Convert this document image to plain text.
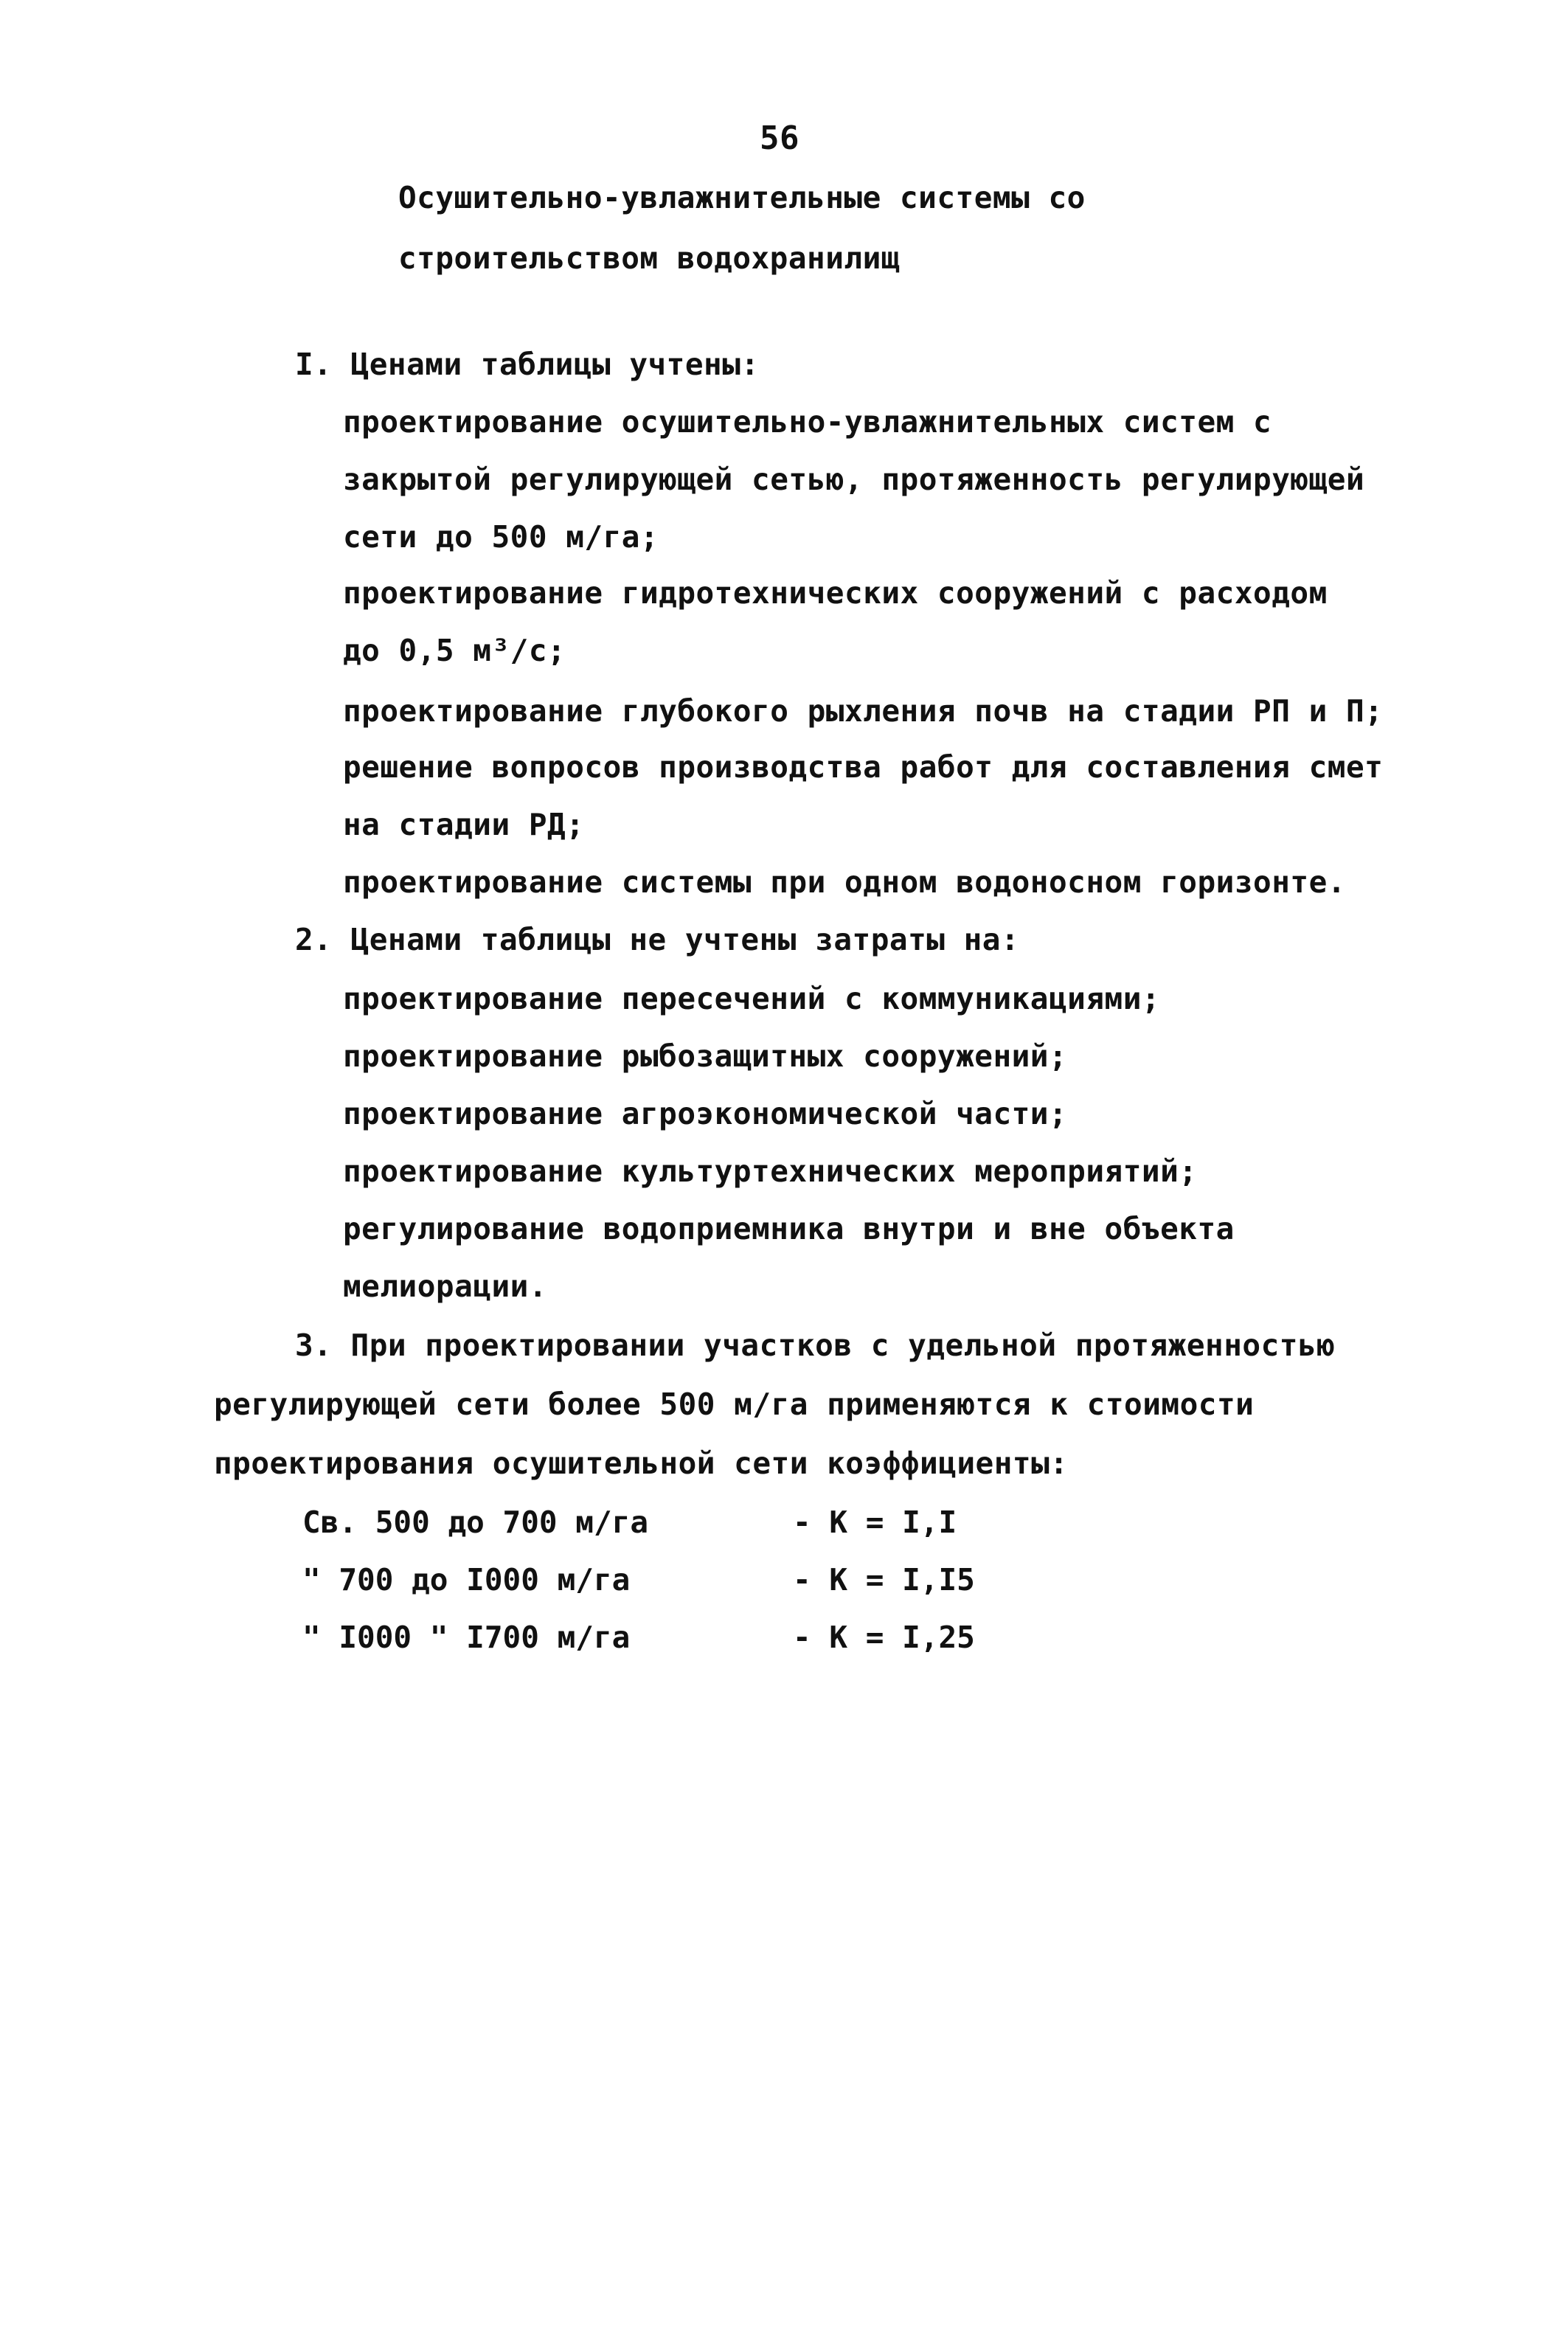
56
Осушительно-увлажнительные системы со
строительством водохранилищ
I. Ценами таблицы учтены:
проектирование осушительно-увлажнительных систем с
закрытой регулирующей сетью, протяженность регулирующей
сети до 500 м/га;
проектирование гидротехнических сооружений с расходом
до 0,5 м³/с;
проектирование глубокого рыхления почв на стадии РП и П;
решение вопросов производства работ для составления смет
на стадии РД;
проектирование системы при одном водоносном горизонте.
2. Ценами таблицы не учтены затраты на:
проектирование пересечений с коммуникациями;
проектирование рыбозащитных сооружений;
проектирование агроэкономической части;
проектирование культуртехнических мероприятий;
регулирование водоприемника внутри и вне объекта
мелиорации.
3. При проектировании участков с удельной протяженностью
регулирующей сети более 500 м/га применяются к стоимости
проектирования осушительной сети коэффициенты:
Св. 500 до 700 м/га	- К = I,I
" 700 до I000 м/га	- К = I,I5
" I000 " I700 м/га	- К = I,25
